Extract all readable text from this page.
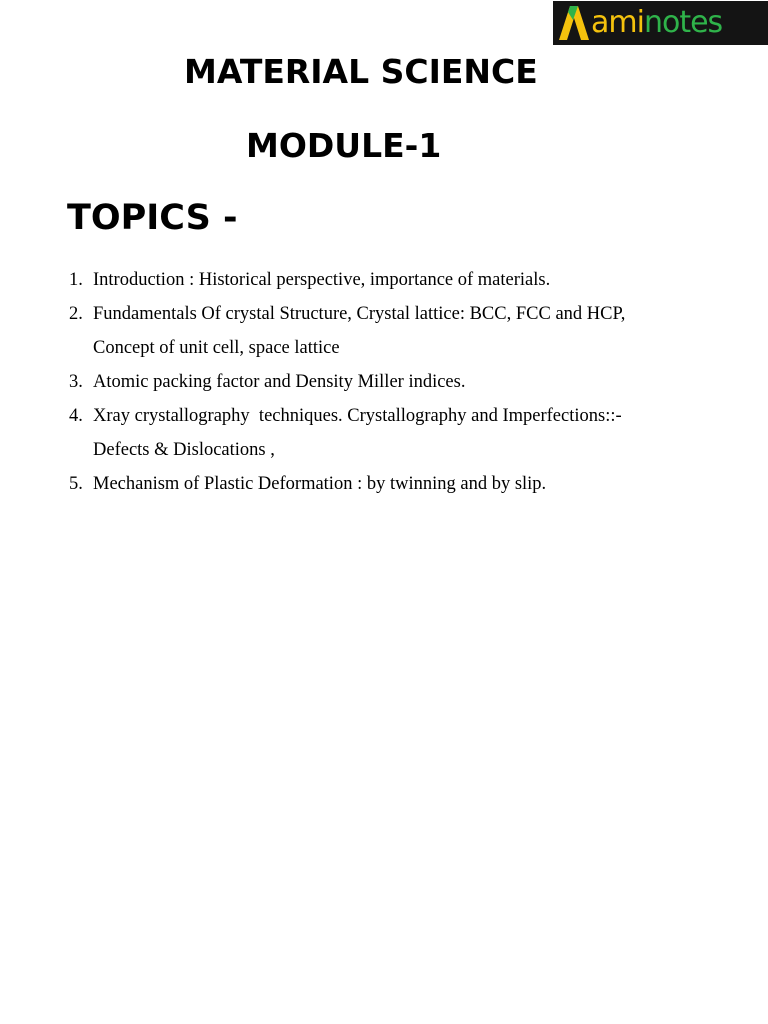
aminotes
MATERIAL SCIENCE
MODULE-1
TOPICS -
1. Introduction : Historical perspective, importance of materials.
2. Fundamentals Of crystal Structure, Crystal lattice: BCC, FCC and HCP,
Concept of unit cell, space lattice
3. Atomic packing factor and Density Miller indices.
4. Xray crystallography  techniques. Crystallography and Imperfections::-
Defects & Dislocations ,
5. Mechanism of Plastic Deformation : by twinning and by slip.
